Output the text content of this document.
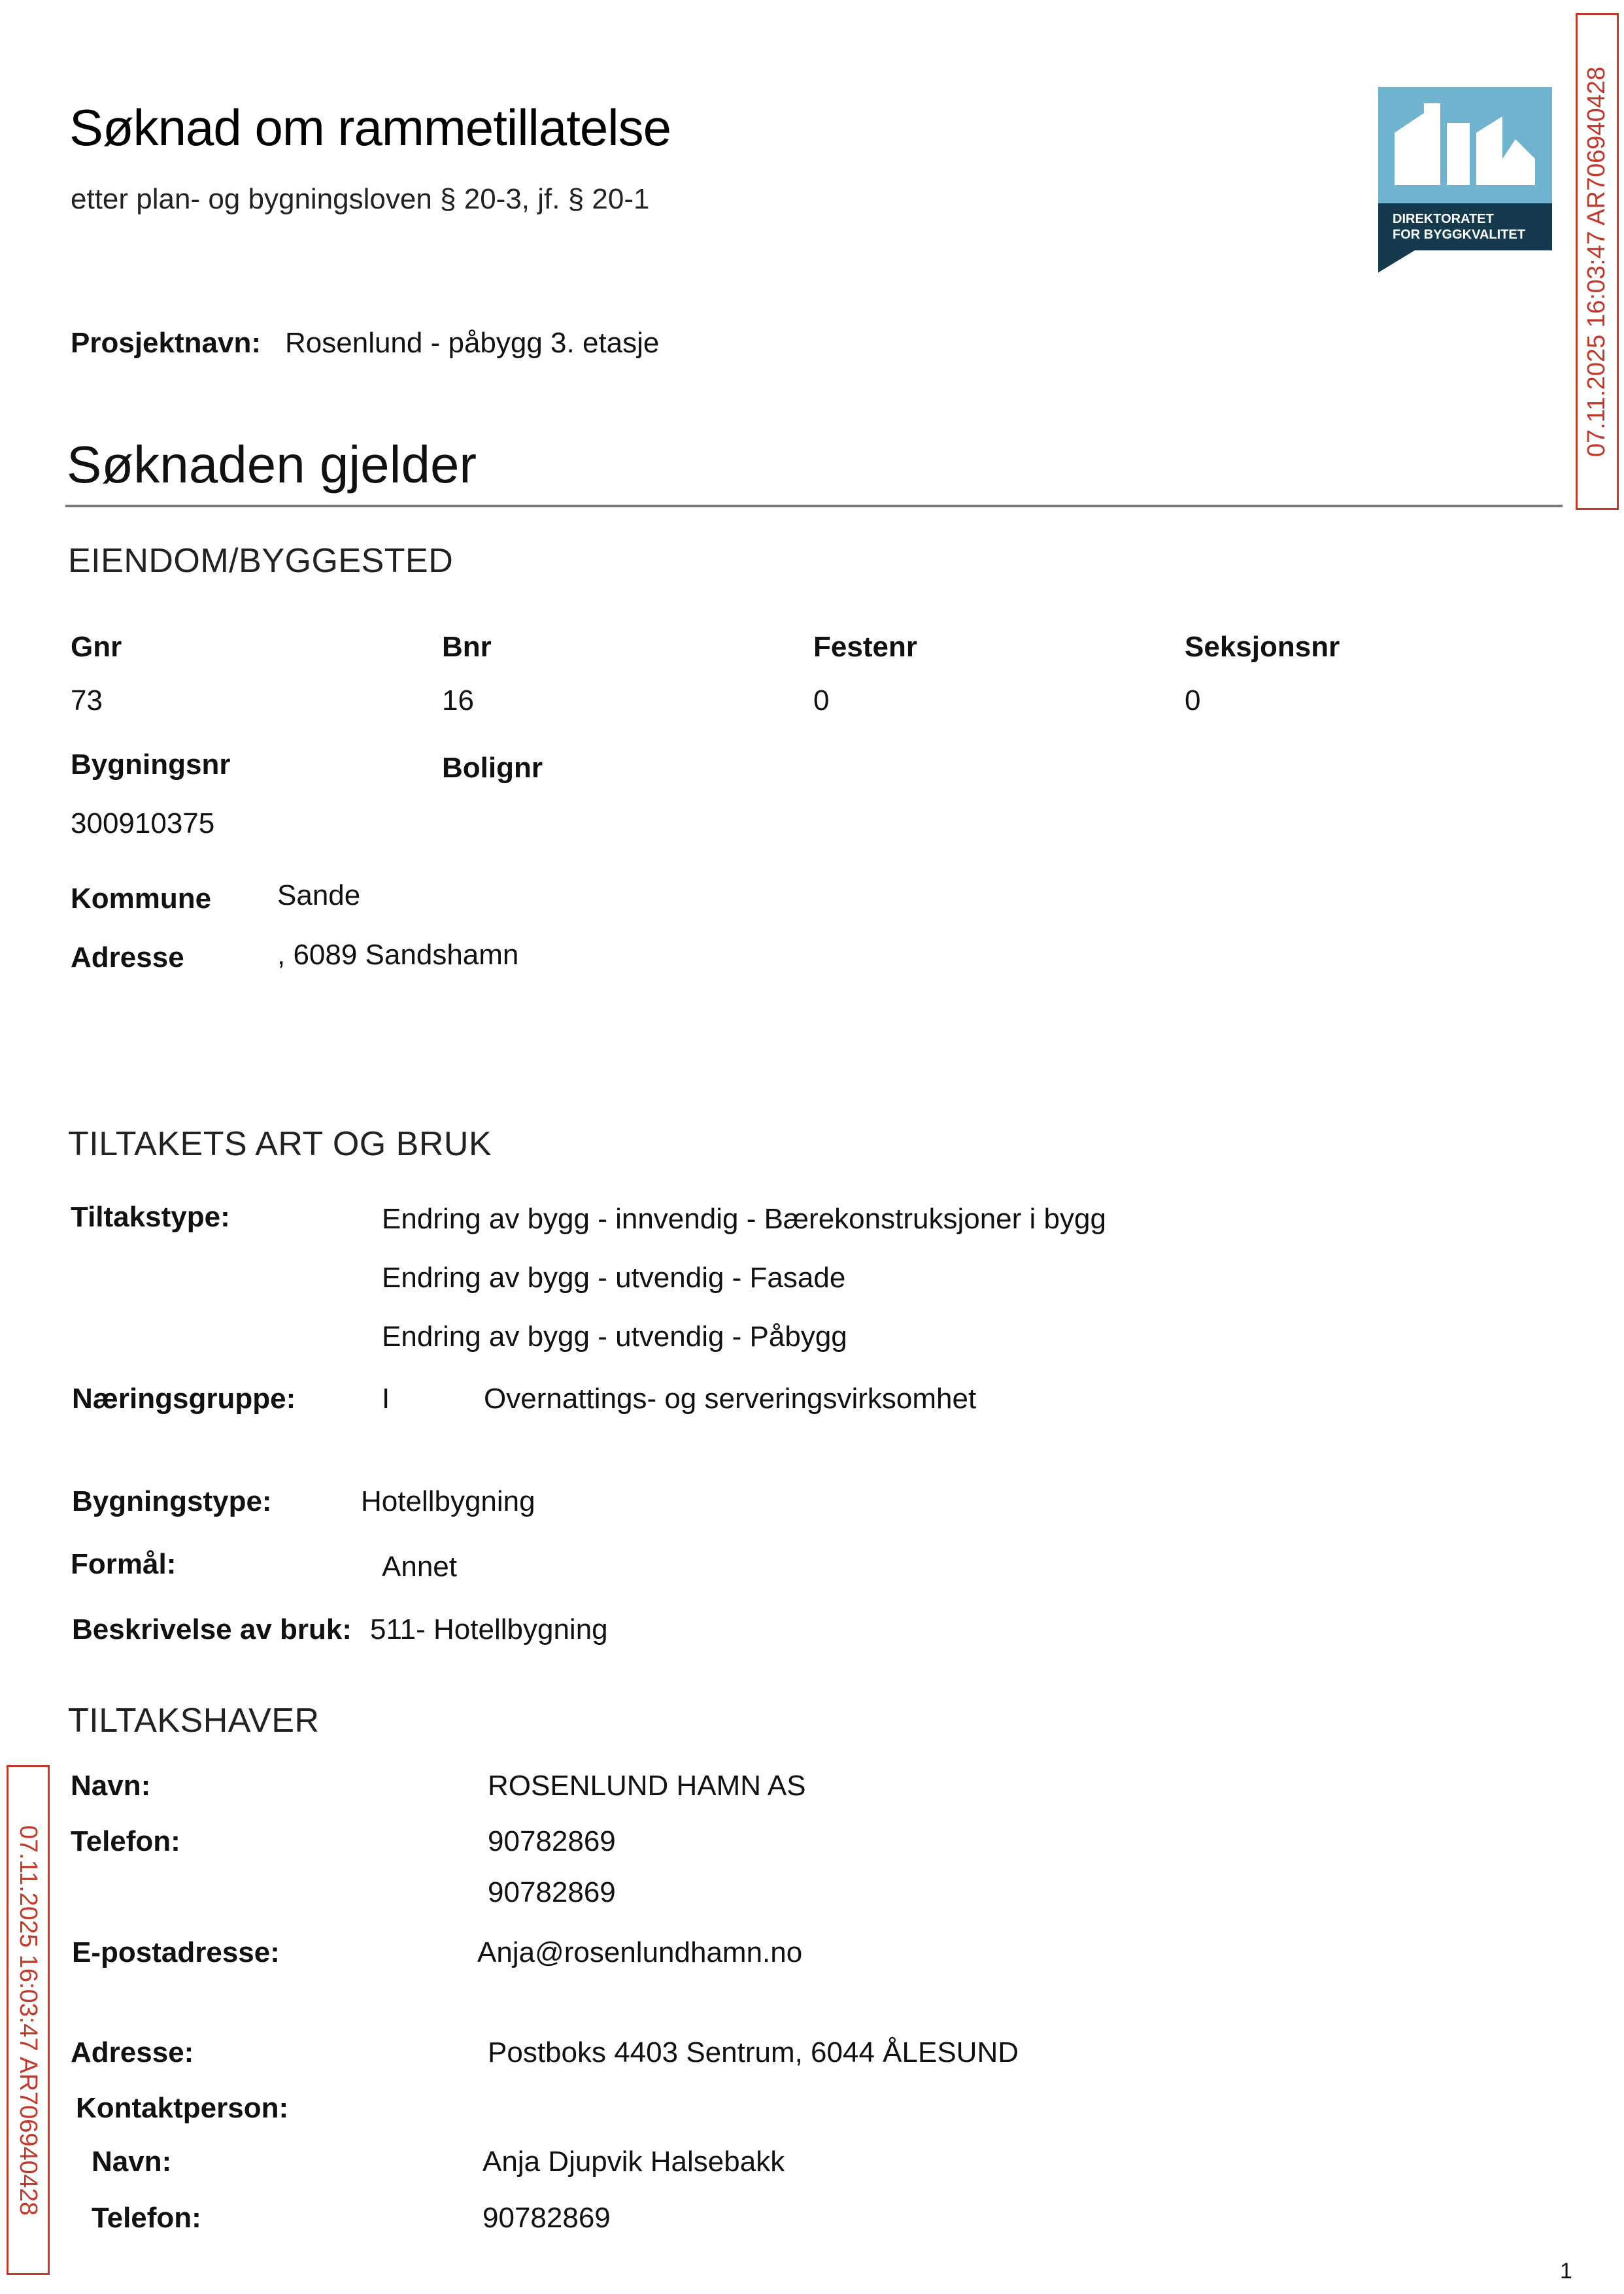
Søknad om rammetillatelse
etter plan- og bygningsloven § 20-3, jf. § 20-1
DIREKTORATET
FOR BYGGKVALITET	07.11.2025 16:03:47 AR706940428
07.11.2025 16:03:47 AR706940428
Prosjektnavn: Rosenlund - påbygg 3. etasje
Søknaden gjelder
EIENDOM/BYGGESTED
Gnr	Bnr	Festenr	Seksjonsnr
73	16	0	0
Bygningsnr	Bolignr
300910375
Kommune Sande
Adresse	, 6089 Sandshamn
TILTAKETS ART OG BRUK
Tiltakstype:	Endring av bygg - innvendig - Bærekonstruksjoner i bygg
Endring av bygg - utvendig - Fasade
Endring av bygg - utvendig - Påbygg
Næringsgruppe:	I	Overnattings- og serveringsvirksomhet
Bygningstype:	Hotellbygning
Formål:	Annet
Beskrivelse av bruk: 511- Hotellbygning
TILTAKSHAVER
Navn:	ROSENLUND HAMN AS
Telefon:	90782869
90782869
E-postadresse:	Anja@rosenlundhamn.no
Adresse:	Postboks 4403 Sentrum, 6044 ÅLESUND
Kontaktperson:
Navn:	Anja Djupvik Halsebakk
Telefon:	90782869
1
